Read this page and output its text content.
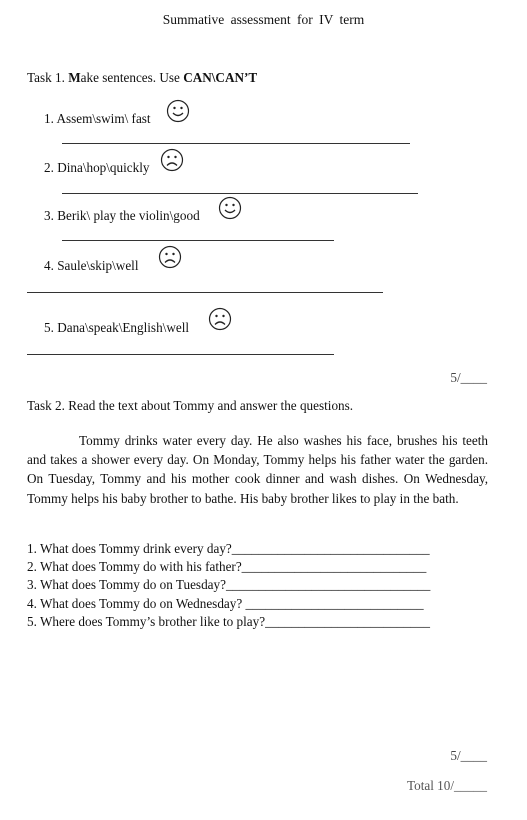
Summative assessment for IV term
Task 1. Make sentences. Use CAN\CAN’T
1. Assem\swim\ fast
2. Dina\hop\quickly
3. Berik\ play the violin\good
4. Saule\skip\well
5. Dana\speak\English\well
5/____
Task 2. Read the text about Tommy and answer the questions.
Tommy drinks water every day. He also washes his face, brushes his teeth and takes a shower every day. On Monday, Tommy helps his father water the garden. On Tuesday, Tommy and his mother cook dinner and wash dishes. On Wednesday, Tommy helps his baby brother to bathe. His baby brother likes to play in the bath.
1. What does Tommy drink every day?______________________________
2. What does Tommy do with his father?____________________________
3. What does Tommy do on Tuesday?_______________________________
4. What does Tommy do on Wednesday? ___________________________
5. Where does Tommy’s brother like to play?_________________________
5/____
Total 10/_____
